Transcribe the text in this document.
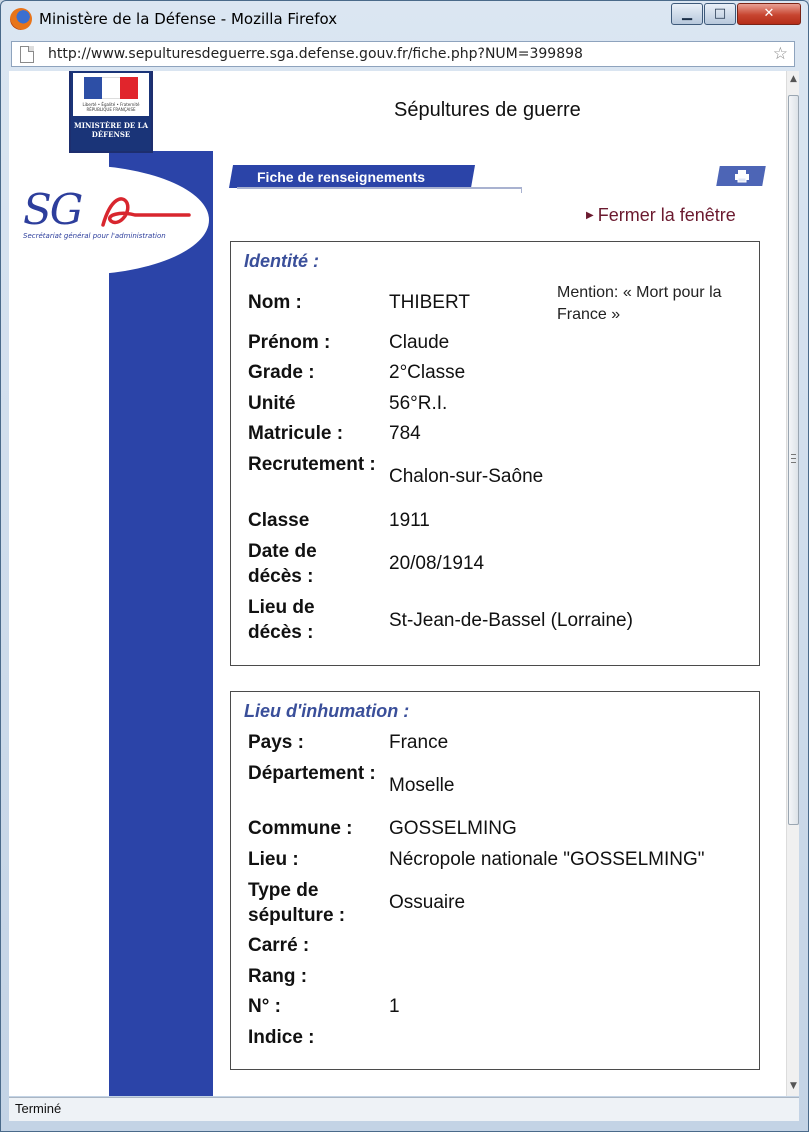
Ministère de la Défense - Mozilla Firefox	▁	□	✕
http://www.sepulturesdeguerre.sga.defense.gouv.fr/fiche.php?NUM=399898	☆
SG
Secrétariat général pour l'administration
Liberté • Égalité • Fraternité RÉPUBLIQUE FRANÇAISE
MINISTÈRE DE LA DÉFENSE
Sépultures de guerre
Fiche de renseignements
▶ Fermer la fenêtre
Identité :
Mention: « Mort pour la France »
Nom :	THIBERT
Prénom :	Claude
Grade :	2°Classe
Unité	56°R.I.
Matricule : 784
Recrutement :
Chalon-sur-Saône
Classe	1911
Date de décès :
20/08/1914
Lieu de décès :
St-Jean-de-Bassel (Lorraine)
Lieu d'inhumation :
Pays :	France
Département :
Moselle
Commune : GOSSELMING
Lieu :	Nécropole nationale "GOSSELMING"
Type de sépulture :
Ossuaire
Carré :
Rang :
N° :	1
Indice :
▲
▼
Terminé
